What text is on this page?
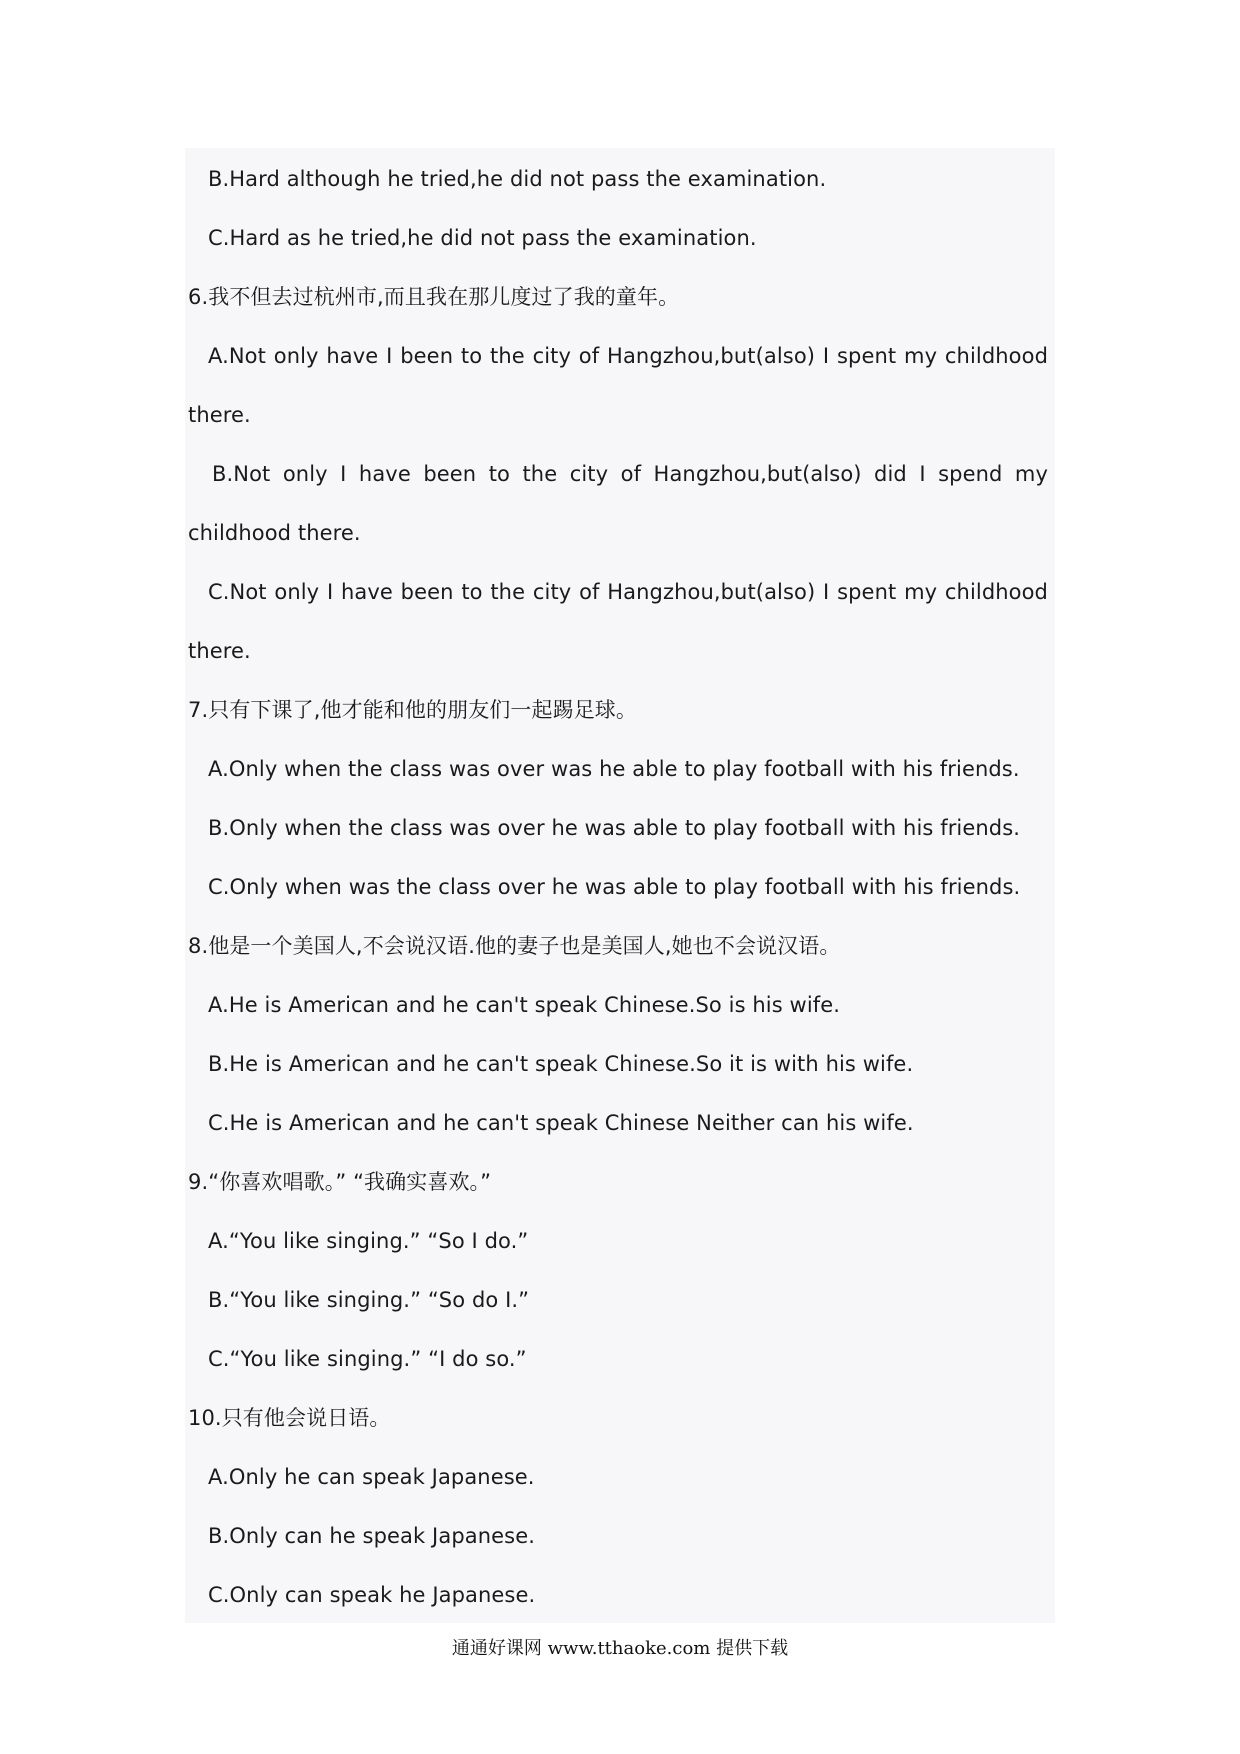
B.Hard although he tried,he did not pass the examination.
C.Hard as he tried,he did not pass the examination.
6.我不但去过杭州市,而且我在那儿度过了我的童年。
A.Not only have I been to the city of Hangzhou,but(also) I spent my childhood
there.
B.Not only I have been to the city of Hangzhou,but(also) did I spend my
childhood there.
C.Not only I have been to the city of Hangzhou,but(also) I spent my childhood
there.
7.只有下课了,他才能和他的朋友们一起踢足球。
A.Only when the class was over was he able to play football with his friends.
B.Only when the class was over he was able to play football with his friends.
C.Only when was the class over he was able to play football with his friends.
8.他是一个美国人,不会说汉语.他的妻子也是美国人,她也不会说汉语。
A.He is American and he can't speak Chinese.So is his wife.
B.He is American and he can't speak Chinese.So it is with his wife.
C.He is American and he can't speak Chinese Neither can his wife.
9.“你喜欢唱歌。” “我确实喜欢。”
A.“You like singing.” “So I do.”
B.“You like singing.” “So do I.”
C.“You like singing.” “I do so.”
10.只有他会说日语。
A.Only he can speak Japanese.
B.Only can he speak Japanese.
C.Only can speak he Japanese.
通通好课网 www.tthaoke.com 提供下载
